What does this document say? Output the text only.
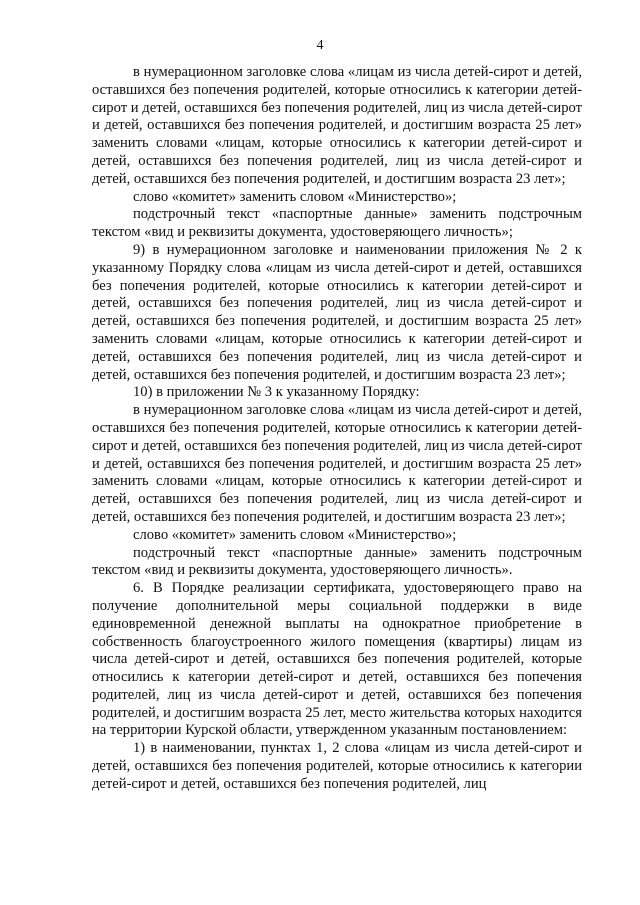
4

в нумерационном заголовке слова «лицам из числа детей-сирот и детей, оставшихся без попечения родителей, которые относились к категории детей-сирот и детей, оставшихся без попечения родителей, лиц из числа детей-сирот и детей, оставшихся без попечения родителей, и достигшим возраста 25 лет» заменить словами «лицам, которые относились к категории детей-сирот и детей, оставшихся без попечения родителей, лиц из числа детей-сирот и детей, оставшихся без попечения родителей, и достигшим возраста 23 лет»;

слово «комитет» заменить словом «Министерство»;

подстрочный текст «паспортные данные» заменить подстрочным текстом «вид и реквизиты документа, удостоверяющего личность»;

9) в нумерационном заголовке и наименовании приложения № 2 к указанному Порядку слова «лицам из числа детей-сирот и детей, оставшихся без попечения родителей, которые относились к категории детей-сирот и детей, оставшихся без попечения родителей, лиц из числа детей-сирот и детей, оставшихся без попечения родителей, и достигшим возраста 25 лет» заменить словами «лицам, которые относились к категории детей-сирот и детей, оставшихся без попечения родителей, лиц из числа детей-сирот и детей, оставшихся без попечения родителей, и достигшим возраста 23 лет»;

10) в приложении № 3 к указанному Порядку:

в нумерационном заголовке слова «лицам из числа детей-сирот и детей, оставшихся без попечения родителей, которые относились к категории детей-сирот и детей, оставшихся без попечения родителей, лиц из числа детей-сирот и детей, оставшихся без попечения родителей, и достигшим возраста 25 лет» заменить словами «лицам, которые относились к категории детей-сирот и детей, оставшихся без попечения родителей, лиц из числа детей-сирот и детей, оставшихся без попечения родителей, и достигшим возраста 23 лет»;

слово «комитет» заменить словом «Министерство»;

подстрочный текст «паспортные данные» заменить подстрочным текстом «вид и реквизиты документа, удостоверяющего личность».

6. В Порядке реализации сертификата, удостоверяющего право на получение дополнительной меры социальной поддержки в виде единовременной денежной выплаты на однократное приобретение в собственность благоустроенного жилого помещения (квартиры) лицам из числа детей-сирот и детей, оставшихся без попечения родителей, которые относились к категории детей-сирот и детей, оставшихся без попечения родителей, лиц из числа детей-сирот и детей, оставшихся без попечения родителей, и достигшим возраста 25 лет, место жительства которых находится на территории Курской области, утвержденном указанным постановлением:

1) в наименовании, пунктах 1, 2 слова «лицам из числа детей-сирот и детей, оставшихся без попечения родителей, которые относились к категории детей-сирот и детей, оставшихся без попечения родителей, лиц
